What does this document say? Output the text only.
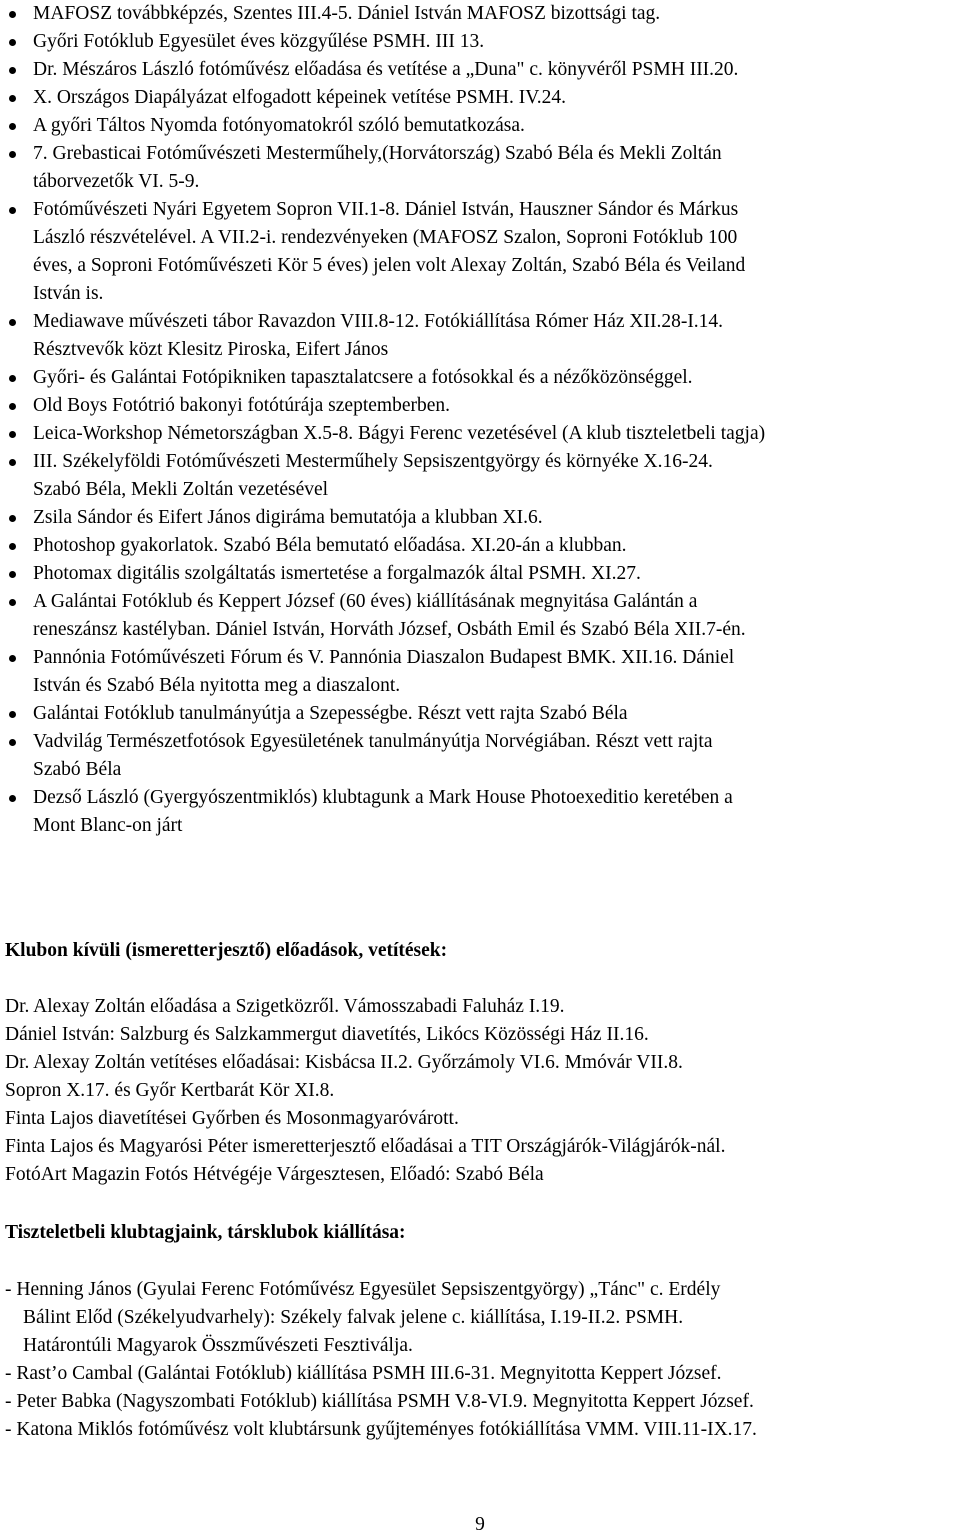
MAFOSZ továbbképzés, Szentes III.4-5. Dániel István MAFOSZ bizottsági tag.
Győri Fotóklub Egyesület éves közgyűlése PSMH. III 13.
Dr. Mészáros László fotóművész előadása és vetítése a „Duna" c. könyvéről PSMH III.20.
X. Országos Diapályázat elfogadott képeinek vetítése PSMH. IV.24.
A győri Táltos Nyomda fotónyomatokról szóló bemutatkozása.
7. Grebasticai Fotóművészeti Mesterműhely,(Horvátország) Szabó Béla és Mekli Zoltán
táborvezetők VI. 5-9.
Fotóművészeti Nyári Egyetem Sopron VII.1-8. Dániel István, Hauszner Sándor és Márkus
László részvételével. A VII.2-i. rendezvényeken (MAFOSZ Szalon, Soproni Fotóklub 100
éves, a Soproni Fotóművészeti Kör 5 éves) jelen volt Alexay Zoltán, Szabó Béla és Veiland
István is.
Mediawave művészeti tábor Ravazdon VIII.8-12. Fotókiállítása Rómer Ház XII.28-I.14.
Résztvevők közt Klesitz Piroska, Eifert János
Győri- és Galántai Fotópikniken tapasztalatcsere a fotósokkal és a nézőközönséggel.
Old Boys Fotótrió bakonyi fotótúrája szeptemberben.
Leica-Workshop Németországban X.5-8. Bágyi Ferenc vezetésével (A klub tiszteletbeli tagja)
III. Székelyföldi Fotóművészeti Mesterműhely Sepsiszentgyörgy és környéke X.16-24.
Szabó Béla, Mekli Zoltán vezetésével
Zsila Sándor és Eifert János digiráma bemutatója a klubban XI.6.
Photoshop gyakorlatok. Szabó Béla bemutató előadása. XI.20-án a klubban.
Photomax digitális szolgáltatás ismertetése a forgalmazók által PSMH. XI.27.
A Galántai Fotóklub és Keppert József (60 éves) kiállításának megnyitása Galántán a
reneszánsz kastélyban. Dániel István, Horváth József, Osbáth Emil és Szabó Béla XII.7-én.
Pannónia Fotóművészeti Fórum és V. Pannónia Diaszalon Budapest BMK. XII.16. Dániel
István és Szabó Béla nyitotta meg a diaszalont.
Galántai Fotóklub tanulmányútja a Szepességbe. Részt vett rajta Szabó Béla
Vadvilág Természetfotósok Egyesületének tanulmányútja Norvégiában. Részt vett rajta
Szabó Béla
Dezső László (Gyergyószentmiklós) klubtagunk a Mark House Photoexeditio keretében a
Mont Blanc-on járt
Klubon kívüli (ismeretterjesztő) előadások, vetítések:
Dr. Alexay Zoltán előadása a Szigetközről. Vámosszabadi Faluház I.19.
Dániel István: Salzburg és Salzkammergut diavetítés, Likócs Közösségi Ház II.16.
Dr. Alexay Zoltán vetítéses előadásai: Kisbácsa II.2. Győrzámoly VI.6. Mmóvár VII.8.
Sopron X.17. és Győr Kertbarát Kör XI.8.
Finta Lajos diavetítései Győrben és Mosonmagyaróvárott.
Finta Lajos és Magyarósi Péter ismeretterjesztő előadásai a TIT Országjárók-Világjárók-nál.
FotóArt Magazin Fotós Hétvégéje Várgesztesen, Előadó: Szabó Béla
Tiszteletbeli klubtagjaink, társklubok kiállítása:
- Henning János (Gyulai Ferenc Fotóművész Egyesület Sepsiszentgyörgy) „Tánc" c. Erdély
Bálint Előd (Székelyudvarhely): Székely falvak jelene c. kiállítása, I.19-II.2. PSMH.
Határontúli Magyarok Összművészeti Fesztiválja.
- Rast’o Cambal (Galántai Fotóklub) kiállítása PSMH III.6-31. Megnyitotta Keppert József.
- Peter Babka (Nagyszombati Fotóklub) kiállítása PSMH V.8-VI.9. Megnyitotta Keppert József.
- Katona Miklós fotóművész volt klubtársunk gyűjteményes fotókiállítása VMM. VIII.11-IX.17.
9
